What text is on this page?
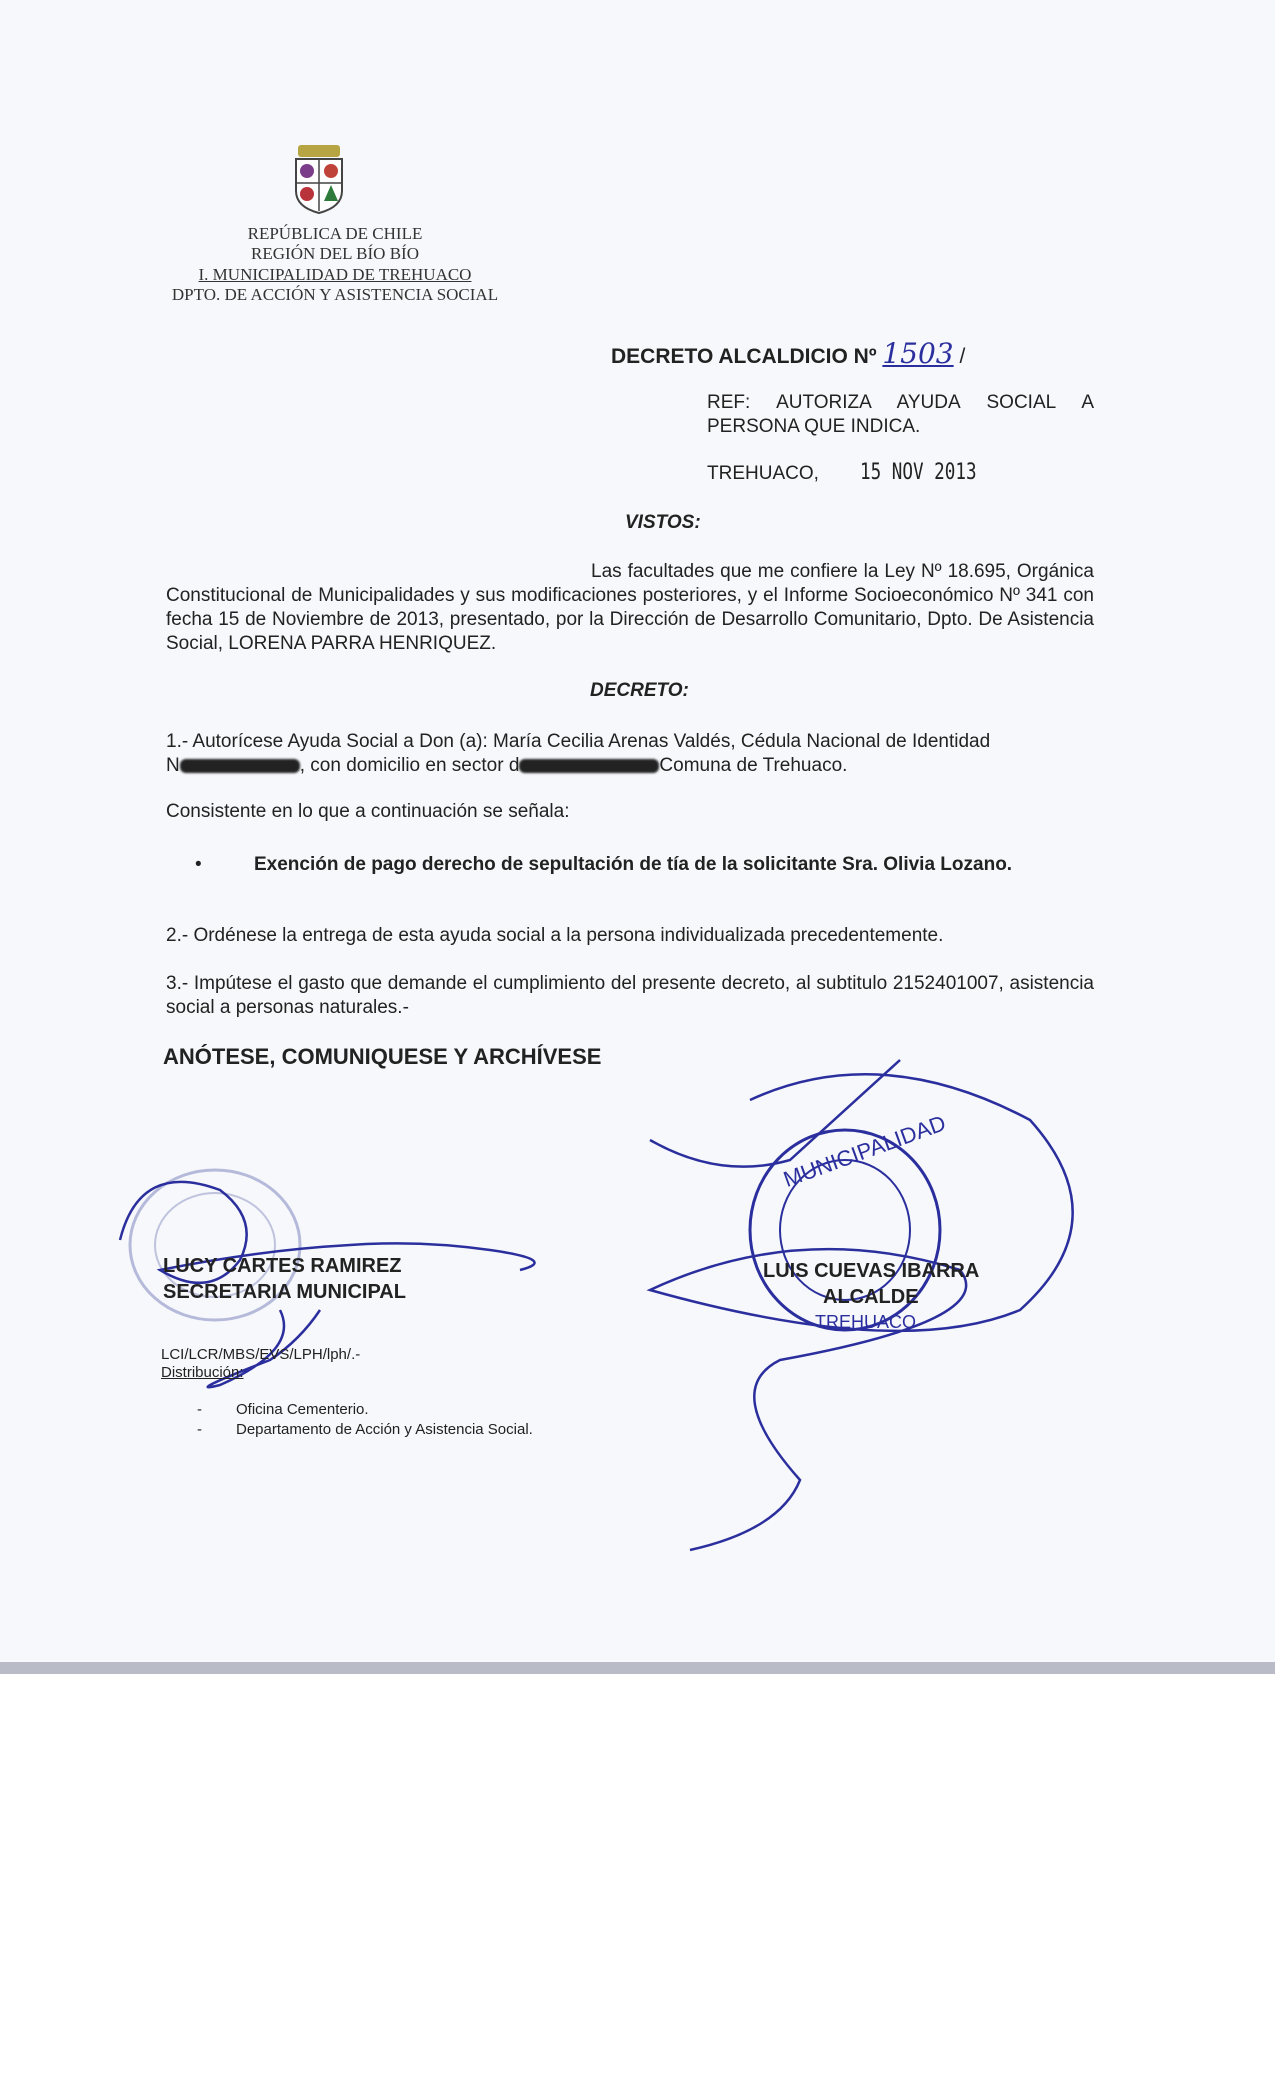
REPÚBLICA DE CHILE
REGIÓN DEL BÍO BÍO
I. MUNICIPALIDAD DE TREHUACO
DPTO. DE ACCIÓN Y ASISTENCIA SOCIAL
DECRETO ALCALDICIO Nº 1503 /
REF: AUTORIZA AYUDA SOCIAL A
PERSONA QUE INDICA.
TREHUACO, 15 NOV 2013
VISTOS:
Las facultades que me confiere la Ley Nº 18.695, Orgánica Constitucional de Municipalidades y sus modificaciones posteriores, y el Informe Socioeconómico Nº 341 con fecha 15 de Noviembre de 2013, presentado, por la Dirección de Desarrollo Comunitario, Dpto. De Asistencia Social, LORENA PARRA HENRIQUEZ.
DECRETO:
1.- Autorícese Ayuda Social a Don (a): María Cecilia Arenas Valdés, Cédula Nacional de Identidad
N	, con domicilio en sector d	Comuna de Trehuaco.
Consistente en lo que a continuación se señala:
•	Exención de pago derecho de sepultación de tía de la solicitante Sra. Olivia Lozano.
2.- Ordénese la entrega de esta ayuda social a la persona individualizada precedentemente.
3.- Impútese el gasto que demande el cumplimiento del presente decreto, al subtitulo 2152401007, asistencia social a personas naturales.-
ANÓTESE, COMUNIQUESE Y ARCHÍVESE
MUNICIPALIDAD
TREHUACO
LUCY CARTES RAMIREZ
SECRETARIA MUNICIPAL
LUIS CUEVAS IBARRA
ALCALDE
LCI/LCR/MBS/EVS/LPH/lph/.-
Distribución:
- Oficina Cementerio.
- Departamento de Acción y Asistencia Social.
